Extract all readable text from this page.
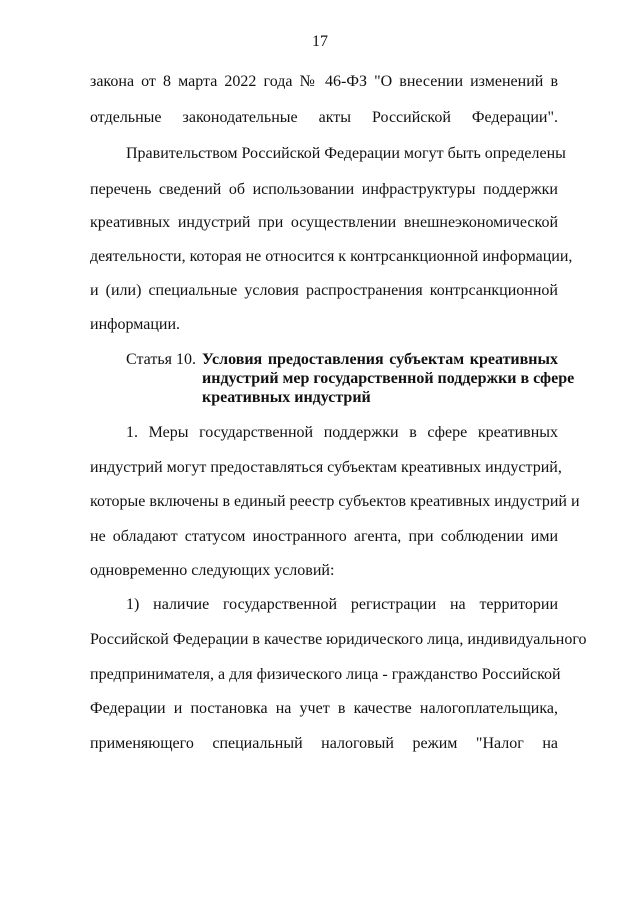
17
закона от 8 марта 2022 года № 46-ФЗ "О внесении изменений в
отдельные законодательные акты Российской Федерации".
Правительством Российской Федерации могут быть определены
перечень сведений об использовании инфраструктуры поддержки
креативных индустрий при осуществлении внешнеэкономической
деятельности, которая не относится к контрсанкционной информации,
и (или) специальные условия распространения контрсанкционной
информации.
Статья 10. Условия предоставления субъектам креативных
индустрий мер государственной поддержки в сфере
креативных индустрий
1. Меры государственной поддержки в сфере креативных
индустрий могут предоставляться субъектам креативных индустрий,
которые включены в единый реестр субъектов креативных индустрий и
не обладают статусом иностранного агента, при соблюдении ими
одновременно следующих условий:
1) наличие государственной регистрации на территории
Российской Федерации в качестве юридического лица, индивидуального
предпринимателя, а для физического лица - гражданство Российской
Федерации и постановка на учет в качестве налогоплательщика,
применяющего специальный налоговый режим "Налог на
